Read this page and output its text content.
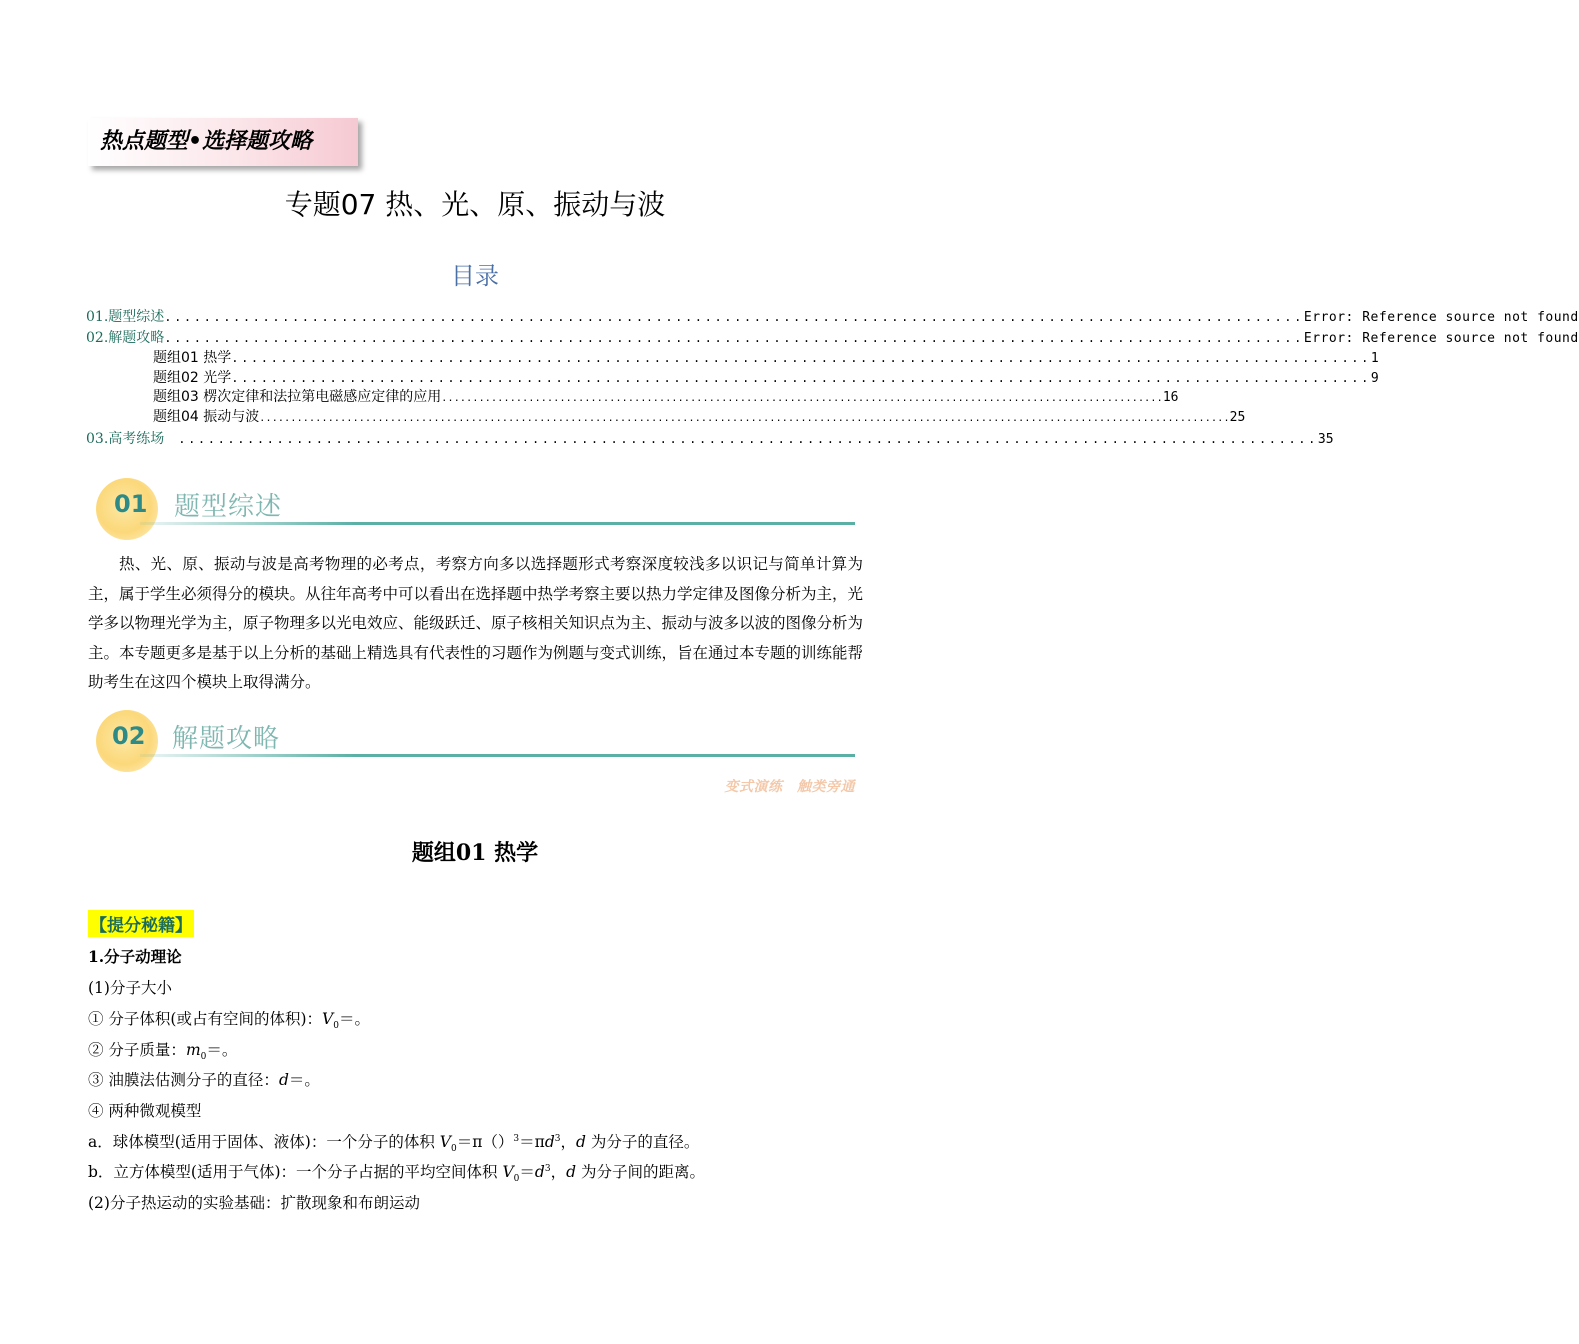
热点题型•选择题攻略
专题07 热、光、原、振动与波
目录
01.题型综述 .................................................................................................................... Error: Reference source not found
02.解题攻略 .................................................................................................................... Error: Reference source not found
题组01 热学 .................................................................................................................... 1
题组02 光学 .................................................................................................................... 9
题组03 楞次定律和法拉第电磁感应定律的应用 .................................................................................................................... 16
题组04 振动与波 ............................................................................................................................................................ 25
03.高考练场	.................................................................................................................... 35
01 题型综述
热、光、原、振动与波是高考物理的必考点，考察方向多以选择题形式考察深度较浅多以识记与简单计算为主，属于学生必须得分的模块。从往年高考中可以看出在选择题中热学考察主要以热力学定律及图像分析为主，光学多以物理光学为主，原子物理多以光电效应、能级跃迁、原子核相关知识点为主、振动与波多以波的图像分析为主。本专题更多是基于以上分析的基础上精选具有代表性的习题作为例题与变式训练，旨在通过本专题的训练能帮助考生在这四个模块上取得满分。
02 解题攻略
变式演练　触类旁通
题组01 热学
【提分秘籍】
1.分子动理论
(1)分子大小
① 分子体积(或占有空间的体积)：$V_0=$。
② 分子质量：$m_0=$。
③ 油膜法估测分子的直径：d＝。
④ 两种微观模型
a．球体模型(适用于固体、液体)：一个分子的体积 $V_0=\pi()^3=\pi d^3$，d 为分子的直径。
b．立方体模型(适用于气体)：一个分子占据的平均空间体积 $V_0=d^3$，d 为分子间的距离。
(2)分子热运动的实验基础：扩散现象和布朗运动
